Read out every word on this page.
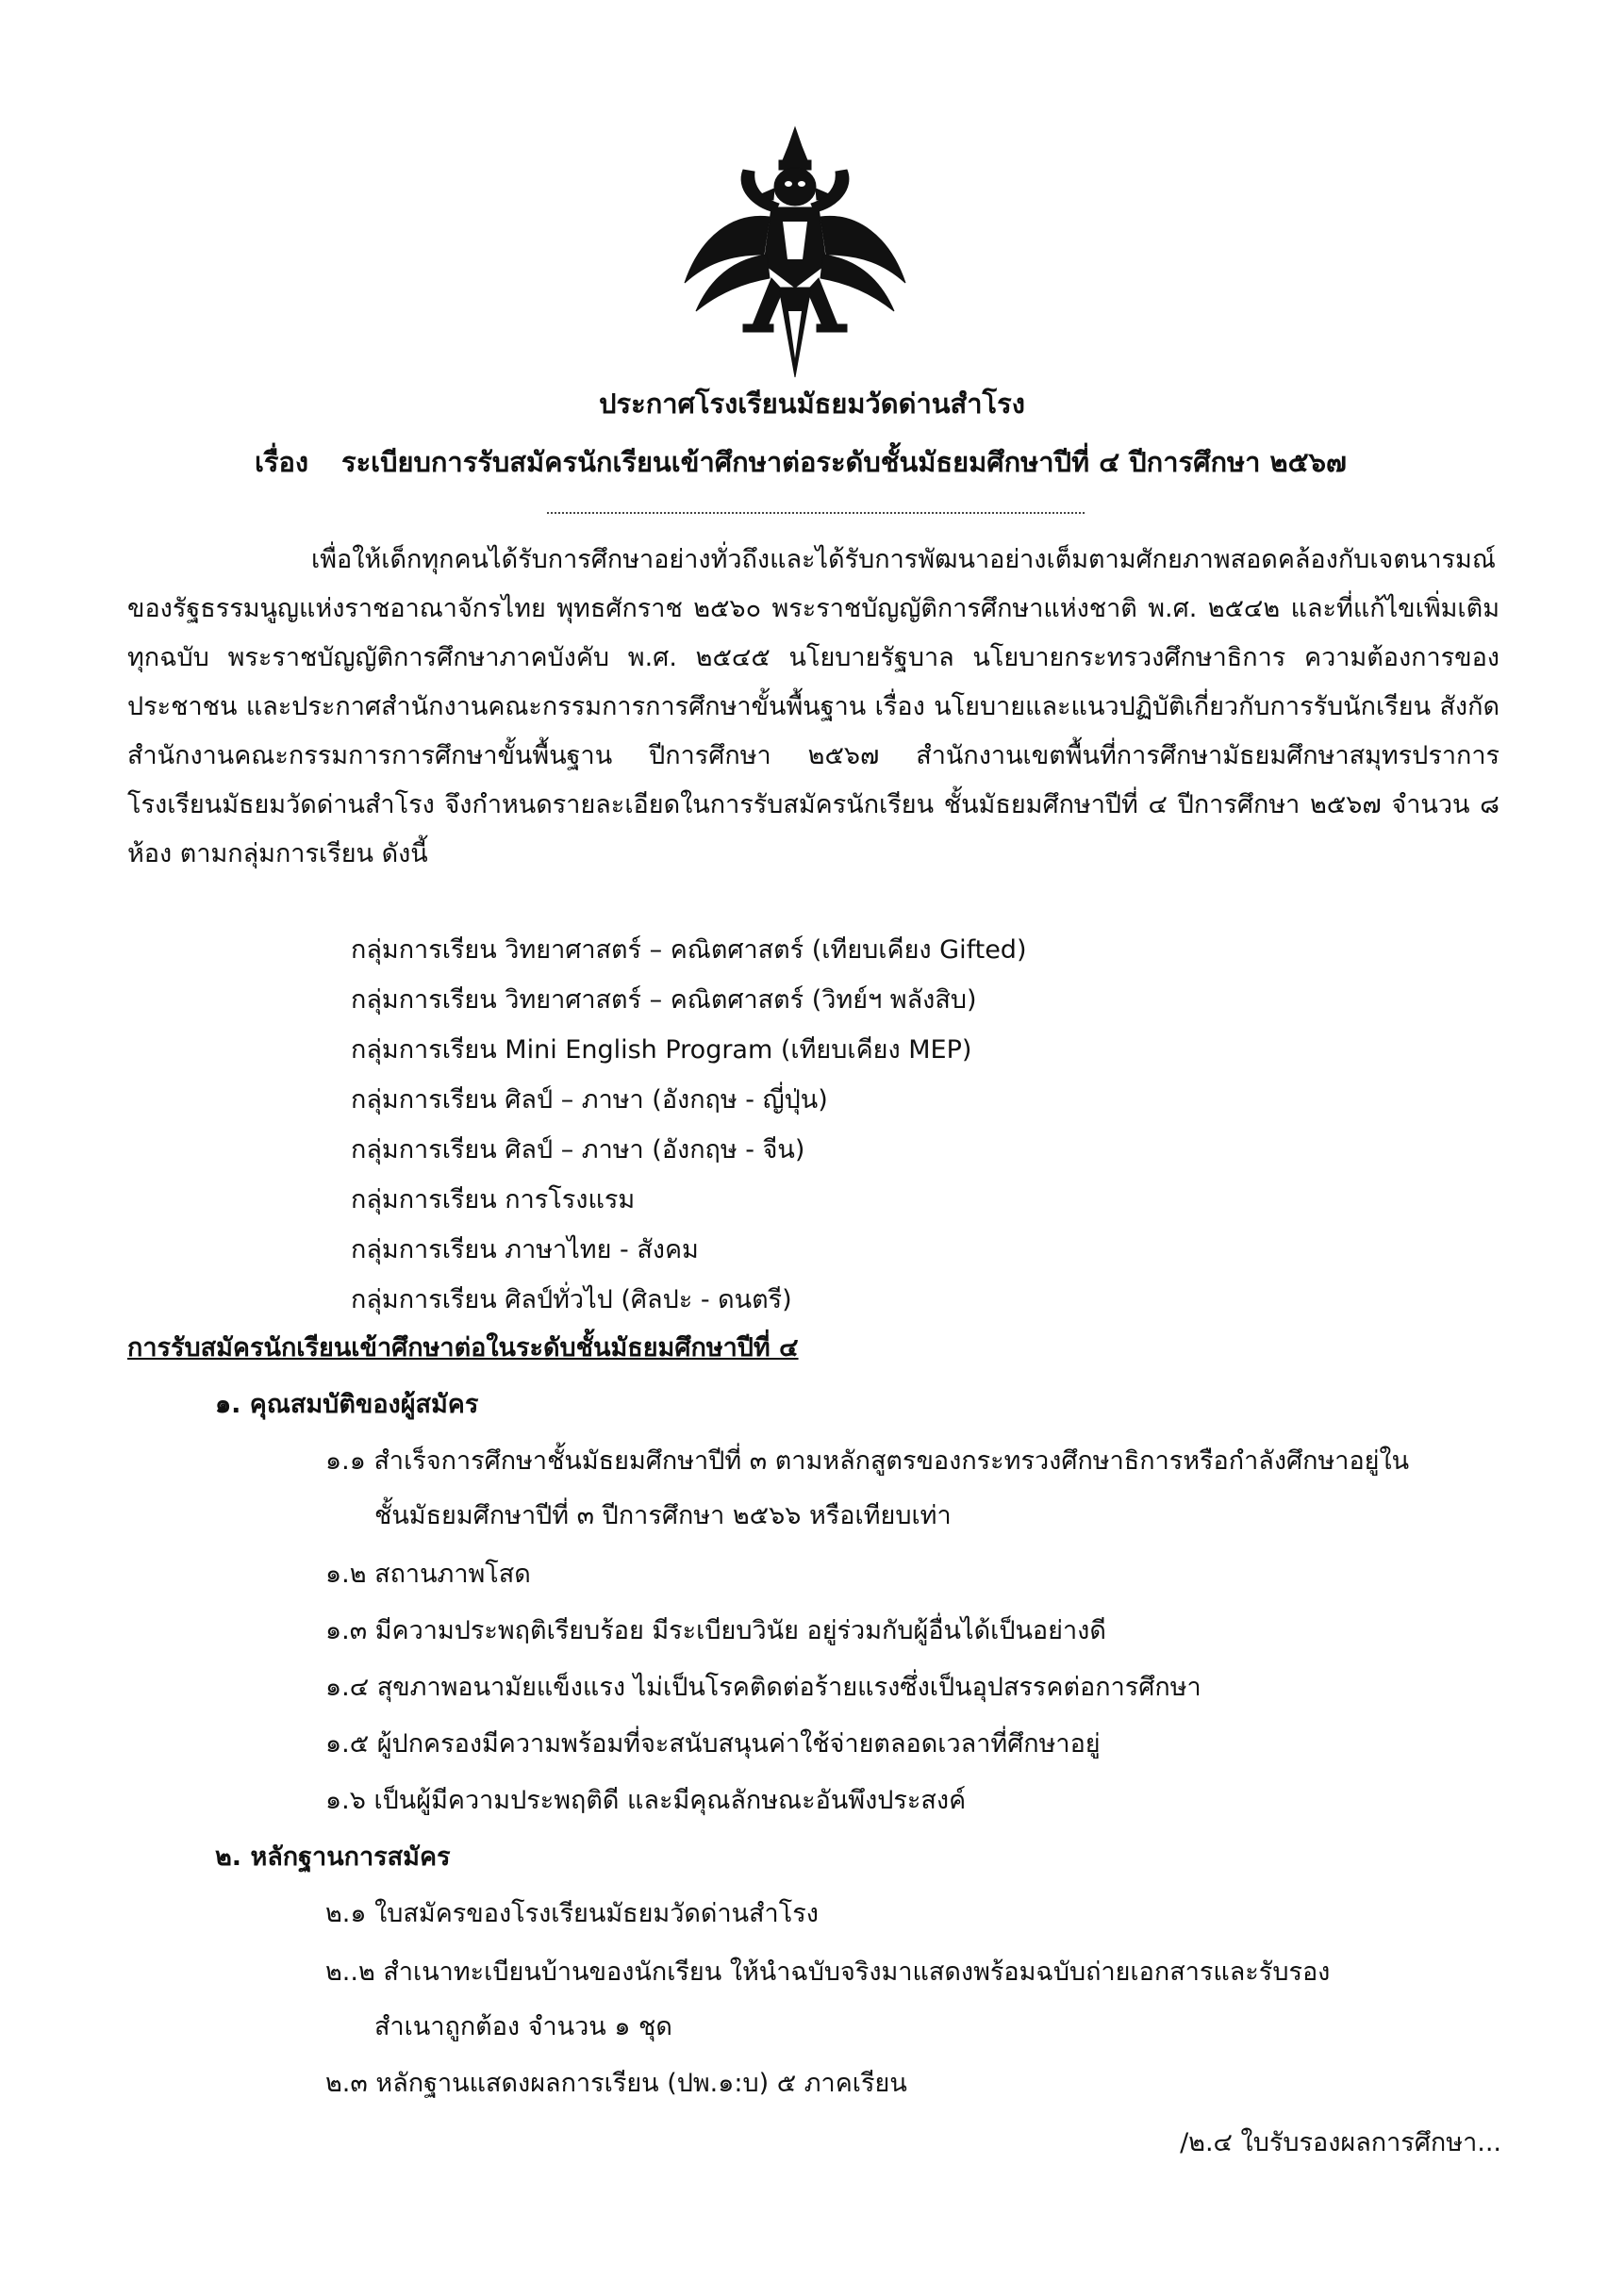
ประกาศโรงเรียนมัธยมวัดด่านสำโรง
เรื่อง ระเบียบการรับสมัครนักเรียนเข้าศึกษาต่อระดับชั้นมัธยมศึกษาปีที่ ๔ ปีการศึกษา ๒๕๖๗

เพื่อให้เด็กทุกคนได้รับการศึกษาอย่างทั่วถึงและได้รับการพัฒนาอย่างเต็มตามศักยภาพสอดคล้องกับเจตนารมณ์ของรัฐธรรมนูญแห่งราชอาณาจักรไทย พุทธศักราช ๒๕๖๐ พระราชบัญญัติการศึกษาแห่งชาติ พ.ศ. ๒๕๔๒ และที่แก้ไขเพิ่มเติมทุกฉบับ พระราชบัญญัติการศึกษาภาคบังคับ พ.ศ. ๒๕๔๕ นโยบายรัฐบาล นโยบายกระทรวงศึกษาธิการ ความต้องการของประชาชน และประกาศสำนักงานคณะกรรมการการศึกษาขั้นพื้นฐาน เรื่อง นโยบายและแนวปฏิบัติเกี่ยวกับการรับนักเรียน สังกัดสำนักงานคณะกรรมการการศึกษาขั้นพื้นฐาน ปีการศึกษา ๒๕๖๗ สำนักงานเขตพื้นที่การศึกษามัธยมศึกษาสมุทรปราการ โรงเรียนมัธยมวัดด่านสำโรง จึงกำหนดรายละเอียดในการรับสมัครนักเรียน ชั้นมัธยมศึกษาปีที่ ๔ ปีการศึกษา ๒๕๖๗ จำนวน ๘ ห้อง ตามกลุ่มการเรียน ดังนี้

กลุ่มการเรียน วิทยาศาสตร์ – คณิตศาสตร์ (เทียบเคียง Gifted)
กลุ่มการเรียน วิทยาศาสตร์ – คณิตศาสตร์ (วิทย์ฯ พลังสิบ)
กลุ่มการเรียน Mini English Program (เทียบเคียง MEP)
กลุ่มการเรียน ศิลป์ – ภาษา (อังกฤษ - ญี่ปุ่น)
กลุ่มการเรียน ศิลป์ – ภาษา (อังกฤษ - จีน)
กลุ่มการเรียน การโรงแรม
กลุ่มการเรียน ภาษาไทย - สังคม
กลุ่มการเรียน ศิลป์ทั่วไป (ศิลปะ - ดนตรี)
การรับสมัครนักเรียนเข้าศึกษาต่อในระดับชั้นมัธยมศึกษาปีที่ ๔
๑. คุณสมบัติของผู้สมัคร
๑.๑ สำเร็จการศึกษาชั้นมัธยมศึกษาปีที่ ๓ ตามหลักสูตรของกระทรวงศึกษาธิการหรือกำลังศึกษาอยู่ใน
ชั้นมัธยมศึกษาปีที่ ๓ ปีการศึกษา ๒๕๖๖ หรือเทียบเท่า
๑.๒ สถานภาพโสด
๑.๓ มีความประพฤติเรียบร้อย มีระเบียบวินัย อยู่ร่วมกับผู้อื่นได้เป็นอย่างดี
๑.๔ สุขภาพอนามัยแข็งแรง ไม่เป็นโรคติดต่อร้ายแรงซึ่งเป็นอุปสรรคต่อการศึกษา
๑.๕ ผู้ปกครองมีความพร้อมที่จะสนับสนุนค่าใช้จ่ายตลอดเวลาที่ศึกษาอยู่
๑.๖ เป็นผู้มีความประพฤติดี และมีคุณลักษณะอันพึงประสงค์
๒. หลักฐานการสมัคร
๒.๑ ใบสมัครของโรงเรียนมัธยมวัดด่านสำโรง
๒..๒ สำเนาทะเบียนบ้านของนักเรียน ให้นำฉบับจริงมาแสดงพร้อมฉบับถ่ายเอกสารและรับรอง
สำเนาถูกต้อง จำนวน ๑ ชุด
๒.๓ หลักฐานแสดงผลการเรียน (ปพ.๑:บ) ๕ ภาคเรียน
/๒.๔ ใบรับรองผลการศึกษา...
